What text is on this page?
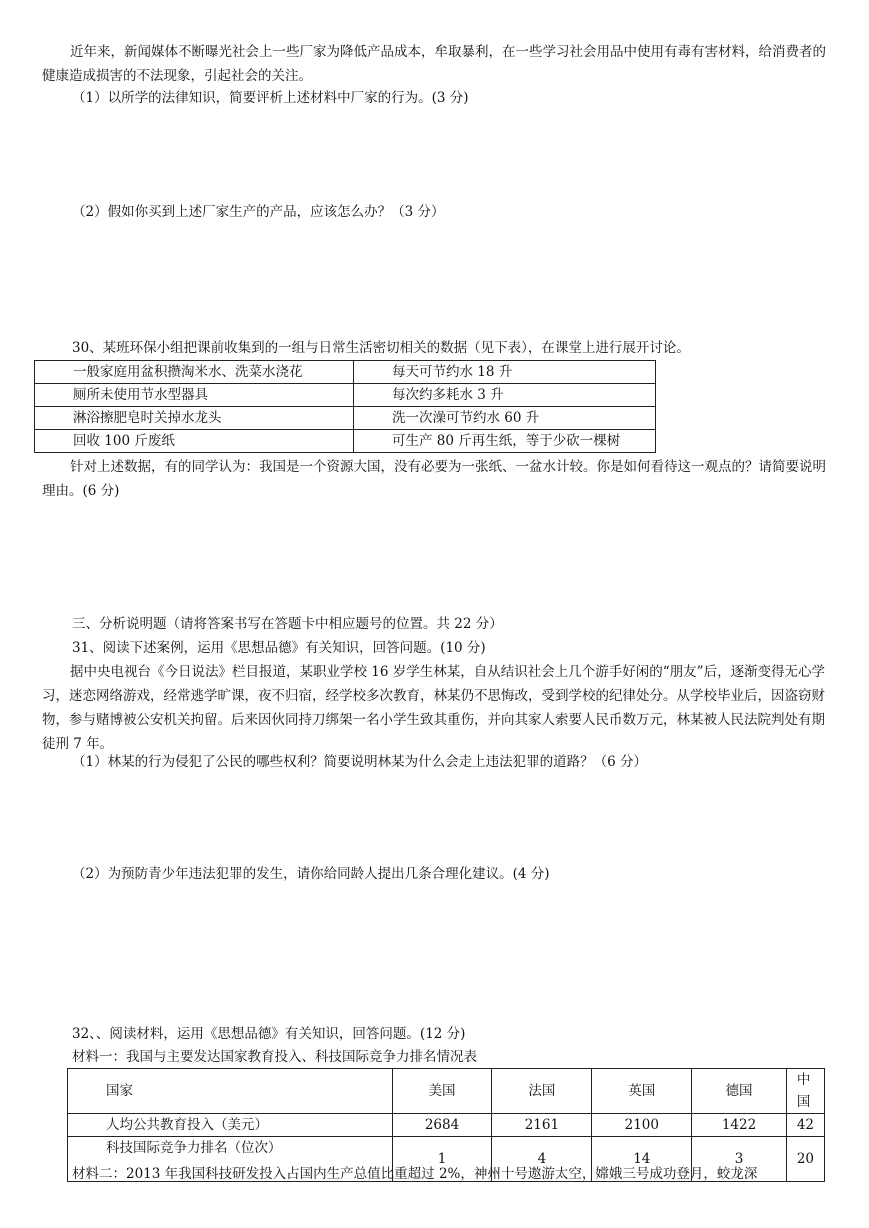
近年来，新闻媒体不断曝光社会上一些厂家为降低产品成本，牟取暴利，在一些学习社会用品中使用有毒有害材料，给消费者的健康造成损害的不法现象，引起社会的关注。

（1）以所学的法律知识，简要评析上述材料中厂家的行为。(3 分)

（2）假如你买到上述厂家生产的产品，应该怎么办？（3 分）

30、某班环保小组把课前收集到的一组与日常生活密切相关的数据（见下表），在课堂上进行展开讨论。

一般家庭用盆积攒淘米水、洗菜水浇花	每天可节约水 18 升
厕所未使用节水型器具	每次约多耗水 3 升
淋浴擦肥皂时关掉水龙头	洗一次澡可节约水 60 升
回收 100 斤废纸	可生产 80 斤再生纸，等于少砍一棵树

针对上述数据，有的同学认为：我国是一个资源大国，没有必要为一张纸、一盆水计较。你是如何看待这一观点的？请简要说明理由。(6 分)

三、分析说明题（请将答案书写在答题卡中相应题号的位置。共 22 分）

31、阅读下述案例，运用《思想品德》有关知识，回答问题。(10 分)

据中央电视台《今日说法》栏目报道，某职业学校 16 岁学生林某，自从结识社会上几个游手好闲的“朋友”后，逐渐变得无心学习，迷恋网络游戏，经常逃学旷课，夜不归宿，经学校多次教育，林某仍不思悔改，受到学校的纪律处分。从学校毕业后，因盗窃财物，参与赌博被公安机关拘留。后来因伙同持刀绑架一名小学生致其重伤，并向其家人索要人民币数万元，林某被人民法院判处有期徒刑 7 年。

（1）林某的行为侵犯了公民的哪些权利？简要说明林某为什么会走上违法犯罪的道路？（6 分）

（2）为预防青少年违法犯罪的发生，请你给同龄人提出几条合理化建议。(4 分)

32、、阅读材料，运用《思想品德》有关知识，回答问题。(12 分)

材料一：我国与主要发达国家教育投入、科技国际竞争力排名情况表

国家	美国	法国	英国	德国	中国
人均公共教育投入（美元）	2684	2161	2100	1422	42
科技国际竞争力排名（位次）	1	4	14	3	20

材料二：2013 年我国科技研发投入占国内生产总值比重超过 2%，神州十号遨游太空，嫦娥三号成功登月，蛟龙深
